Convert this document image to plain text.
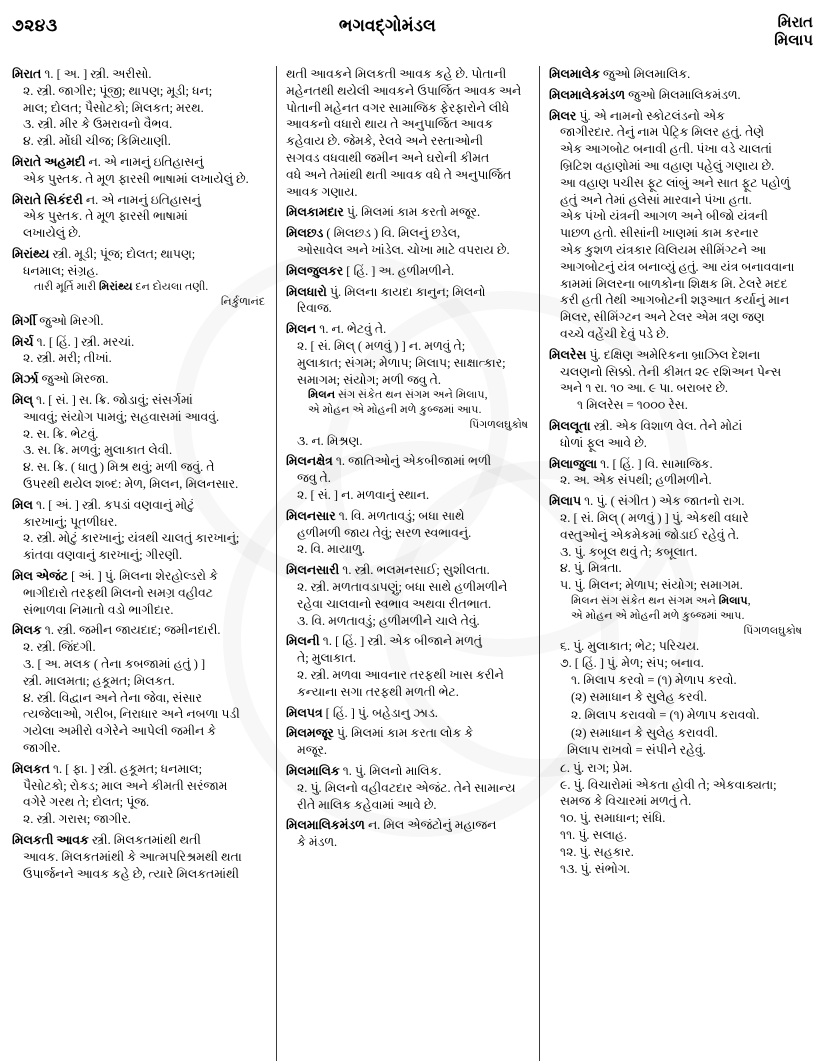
૭૨૪૩	ભગવદ્‌ગોમંડલ	મિરાત
મિલાપ
મિરાત ૧. [ અ. ] સ્ત્રી. અરીસો.
૨. સ્ત્રી. જાગીર; પૂંજી; થાપણ; મૂડી; ધન;
માલ; દોલત; પૈસોટકો; મિલકત; મરથ.
૩. સ્ત્રી. મીર કે ઉમરાવનો વૈભવ.
૪. સ્ત્રી. મોંઘી ચીજ; કિમિયાણી.
મિરાતે અહમદી ન. એ નામનું ઇતિહાસનું
એક પુસ્તક. તે મૂળ ફારસી ભાષામાં લખાયેલું છે.
મિરાતે સિકંદરી ન. એ નામનું ઇતિહાસનું
એક પુસ્તક. તે મૂળ ફારસી ભાષામાં
લખાયેલું છે.
મિરાંથ્ય સ્ત્રી. મૂડી; પૂંજ; દોલત; થાપણ;
ધનમાલ; સંગ્રહ.
તારી મૂર્તિ મારી મિરાંથ્ય દન દોયલા તણી.
નિર્કુળાનંદ
મિર્ગી જુઓ મિરગી.
મિર્ચ ૧. [ હિં. ] સ્ત્રી. મરચાં.
૨. સ્ત્રી. મરી; તીખાં.
મિર્ઝા જુઓ મિરજા.
મિલ્ ૧. [ સં. ] સ. ક્રિ. જોડાવું; સંસર્ગમાં
આવવું; સંયોગ પામવું; સહવાસમાં આવવું.
૨. સ. ક્રિ. ભેટવું.
૩. સ. ક્રિ. મળવું; મુલાકાત લેવી.
૪. સ. ક્રિ. ( ધાતુ ) મિશ્ર થવું; મળી જવું. તે
ઉપરથી થયેલ શબ્દ: મેળ, મિલન, મિલનસાર.
મિલ ૧. [ અં. ] સ્ત્રી. કપડાં વણવાનું મોટું
કારખાનું; પૂતળીઘર.
૨. સ્ત્રી. મોટું કારખાનું; યંત્રથી ચાલતું કારખાનું;
કાંતવા વણવાનું કારખાનું; ગીરણી.
મિલ એજંટ [ અં. ] પું. મિલના શેરહોલ્ડરો કે
ભાગીદારો તરફથી મિલનો સમગ્ર વહીવટ
સંભાળવા નિમાતો વડો ભાગીદાર.
મિલક ૧. સ્ત્રી. જમીન જાયદાદ; જમીનદારી.
૨. સ્ત્રી. જિંદગી.
૩. [ અ. મલક ( તેના કબજામાં હતું ) ]
સ્ત્રી. માલમતા; હકૂમત; મિલકત.
૪. સ્ત્રી. વિદ્વાન અને તેના જેવા, સંસાર
ત્યજેલાઓ, ગરીબ, નિરાધાર અને નબળા પડી
ગયેલા અમીરો વગેરેને આપેલી જમીન કે
જાગીર.
મિલકત ૧. [ ફા. ] સ્ત્રી. હકૂમત; ધનમાલ;
પૈસોટકો; રોકડ; માલ અને કીમતી સરંજામ
વગેરે ગરથ તે; દોલત; પૂંજ.
૨. સ્ત્રી. ગરાસ; જાગીર.
મિલકતી આવક સ્ત્રી. મિલકતમાંથી થતી
આવક. મિલકતમાંથી કે આત્મપરિશ્રમથી થતા
ઉપાર્જનને આવક કહે છે, ત્યારે મિલકતમાંથી
થતી આવકને મિલકતી આવક કહે છે. પોતાની
મહેનતથી થયેલી આવકને ઉપાર્જિત આવક અને
પોતાની મહેનત વગર સામાજિક ફેરફારોને લીધે
આવકનો વધારો થાય તે અનુપાર્જિત આવક
કહેવાય છે. જેમકે, રેલવે અને રસ્તાઓની
સગવડ વધવાથી જમીન અને ઘરોની કીમત
વધે અને તેમાંથી થતી આવક વધે તે અનુપાર્જિત
આવક ગણાય.
મિલકામદાર પું. મિલમાં કામ કરતો મજૂર.
મિલછડ ( મિલછડ ) વિ. મિલનું છડેલ,
ઓસાવેલ અને ખાંડેલ. ચોખા માટે વપરાય છે.
મિલજુલકર [ હિં. ] અ. હળીમળીને.
મિલધારો પું. મિલના કાયદા કાનુન; મિલનો
રિવાજ.
મિલન ૧. ન. ભેટવું તે.
૨. [ સં. મિલ્ ( મળવું ) ] ન. મળવું તે;
મુલાકાત; સંગમ; મેળાપ; મિલાપ; સાક્ષાત્કાર;
સમાગમ; સંયોગ; મળી જવુ તે.
મિલન સંગ સંકેત થન સંગમ અને મિલાપ,
એ મોહન એ મોહની મળે કુબ્જમાં આપ.
પિંગળલઘુકોષ
૩. ન. મિશ્રણ.
મિલનક્ષેત્ર ૧. જાતિઓનું એકબીજામાં ભળી
જવુ તે.
૨. [ સં. ] ન. મળવાનું સ્થાન.
મિલનસાર ૧. વિ. મળતાવડું; બધા સાથે
હળીમળી જાય તેવું; સરળ સ્વભાવનું.
૨. વિ. માયાળુ.
મિલનસારી ૧. સ્ત્રી. ભલમનસાઈ; સુશીલતા.
૨. સ્ત્રી. મળતાવડાપણું; બધા સાથે હળીમળીને
રહેવા ચાલવાનો સ્વભાવ અથવા રીતભાત.
૩. વિ. મળતાવડું; હળીમળીને ચાલે તેવું.
મિલની ૧. [ હિં. ] સ્ત્રી. એક બીજાને મળતું
તે; મુલાકાત.
૨. સ્ત્રી. મળવા આવનાર તરફથી ખાસ કરીને
કન્યાના સગા તરફથી મળતી ભેટ.
મિલપત્ર [ હિં. ] પું. બહેડાનુ ઝાડ.
મિલમજૂર પું. મિલમાં કામ કરતા લોક કે
મજૂર.
મિલમાલિક ૧. પું. મિલનો માલિક.
૨. પું. મિલનો વહીવટદાર એજંટ. તેને સામાન્ય
રીતે માલિક કહેવામાં આવે છે.
મિલમાલિકમંડળ ન. મિલ એજંટોનું મહાજન
કે મંડળ.
મિલમાલેક જુઓ મિલમાલિક.
મિલમાલેકમંડળ જુઓ મિલમાલિકમંડળ.
મિલર પું. એ નામનો સ્કોટલંડનો એક
જાગીરદાર. તેનું નામ પેટ્રિક મિલર હતું. તેણે
એક આગબોટ બનાવી હતી. પંખા વડે ચાલતાં
બ્રિટિશ વહાણોમાં આ વહાણ પહેલું ગણાય છે.
આ વહાણ પચીસ ફૂટ લાંબું અને સાત ફૂટ પહોળું
હતું અને તેમાં હલેસાં મારવાને પંખા હતા.
એક પંખો યંત્રની આગળ અને બીજો યંત્રની
પાછળ હતો. સીસાંની ખાણમાં કામ કરનાર
એક કુશળ યંત્રકાર વિલિયમ સીમિંગ્ટને આ
આગબોટનું યંત્ર બનાવ્યું હતું. આ યંત્ર બનાવવાના
કામમાં મિલરના બાળકોના શિક્ષક મિ. ટેલરે મદદ
કરી હતી તેથી આગબોટની શરૂઆત કર્યાનું માન
મિલર, સીમિંગ્ટન અને ટેલર એમ ત્રણ જણ
વચ્ચે વહેંચી દેવું પડે છે.
મિલરેસ પું. દક્ષિણ અમેરિકના બ્રાઝિલ દેશના
ચલણનો સિક્કો. તેની કીમત ૨૯ રશિઅન પેન્સ
અને ૧ રા. ૧૦ આ. ૯ પા. બરાબર છે.
૧ મિલરેસ = ૧૦૦૦ રેસ.
મિલલૂતા સ્ત્રી. એક વિશાળ વેલ. તેને મોટાં
ધોળાં ફૂલ આવે છે.
મિલાજુલા ૧. [ હિં. ] વિ. સામાજિક.
૨. અ. એક સંપથી; હળીમળીને.
મિલાપ ૧. પું. ( સંગીત ) એક જાતનો રાગ.
૨. [ સં. મિલ્ ( મળવું ) ] પું. એકથી વધારે
વસ્તુઓનું એકમેકમાં જોડાઈ રહેવું તે.
૩. પું. કબૂલ થવું તે; કબૂલાત.
૪. પું. મિત્રતા.
૫. પું. મિલન; મેળાપ; સંયોગ; સમાગમ.
મિલન સંગ સંકેત થન સંગમ અને મિલાપ,
એ મોહન એ મોહની મળે કુબ્જમાં આપ.
પિંગળલઘુકોષ
૬. પું. મુલાકાત; ભેટ; પરિચય.
૭. [ હિં. ] પું. મેળ; સંપ; બનાવ.
૧. મિલાપ કરવો = (૧) મેળાપ કરવો.
(૨) સમાધાન કે સુલેહ કરવી.
૨. મિલાપ કરાવવો = (૧) મેળાપ કરાવવો.
(૨) સમાધાન કે સુલેહ કરાવવી.
મિલાપ રાખવો = સંપીને રહેવું.
૮. પું. રાગ; પ્રેમ.
૯. પું. વિચારોમાં એકતા હોવી તે; એકવાક્યતા;
સમજ કે વિચારમાં મળતું તે.
૧૦. પું. સમાધાન; સંધિ.
૧૧. પું. સલાહ.
૧૨. પું. સહકાર.
૧૩. પું. સંભોગ.
